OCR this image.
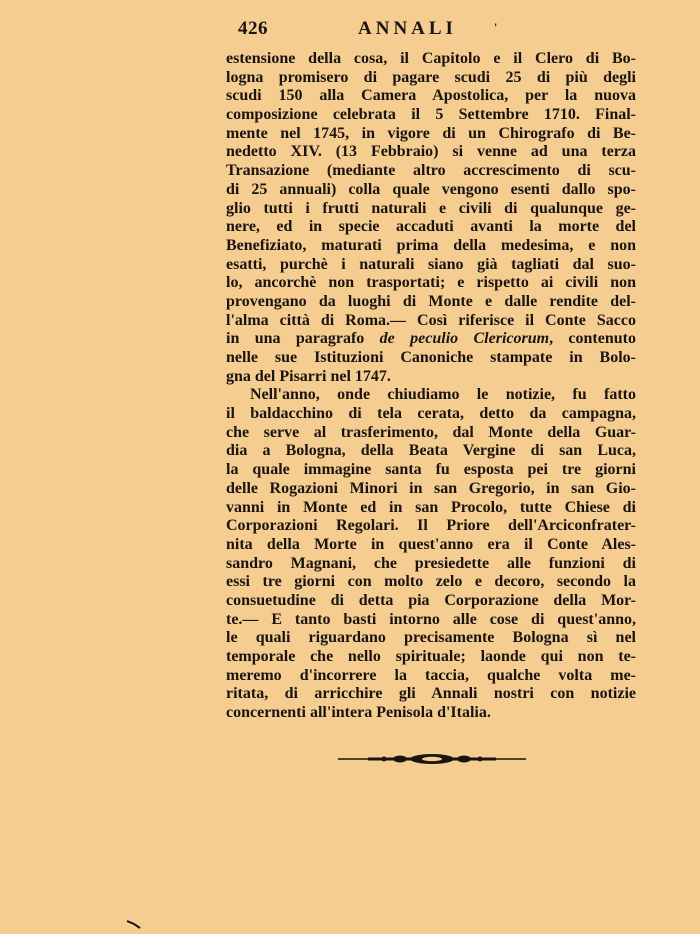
426	ANNALI	'
estensione della cosa, il Capitolo e il Clero di Bo-
logna promisero di pagare scudi 25 di più degli
scudi 150 alla Camera Apostolica, per la nuova
composizione celebrata il 5 Settembre 1710. Final-
mente nel 1745, in vigore di un Chirografo di Be-
nedetto XIV. (13 Febbraio) si venne ad una terza
Transazione (mediante altro accrescimento di scu-
di 25 annuali) colla quale vengono esenti dallo spo-
glio tutti i frutti naturali e civili di qualunque ge-
nere, ed in specie accaduti avanti la morte del
Benefiziato, maturati prima della medesima, e non
esatti, purchè i naturali siano già tagliati dal suo-
lo, ancorchè non trasportati; e rispetto ai civili non
provengano da luoghi di Monte e dalle rendite del-
l'alma città di Roma.— Così riferisce il Conte Sacco
in una paragrafo de peculio Clericorum, contenuto
nelle sue Istituzioni Canoniche stampate in Bolo-
gna del Pisarri nel 1747.
Nell'anno, onde chiudiamo le notizie, fu fatto
il baldacchino di tela cerata, detto da campagna,
che serve al trasferimento, dal Monte della Guar-
dia a Bologna, della Beata Vergine di san Luca,
la quale immagine santa fu esposta pei tre giorni
delle Rogazioni Minori in san Gregorio, in san Gio-
vanni in Monte ed in san Procolo, tutte Chiese di
Corporazioni Regolari. Il Priore dell'Arciconfrater-
nita della Morte in quest'anno era il Conte Ales-
sandro Magnani, che presiedette alle funzioni di
essi tre giorni con molto zelo e decoro, secondo la
consuetudine di detta pia Corporazione della Mor-
te.— E tanto basti intorno alle cose di quest'anno,
le quali riguardano precisamente Bologna sì nel
temporale che nello spirituale; laonde qui non te-
meremo d'incorrere la taccia, qualche volta me-
ritata, di arricchire gli Annali nostri con notizie
concernenti all'intera Penisola d'Italia.
